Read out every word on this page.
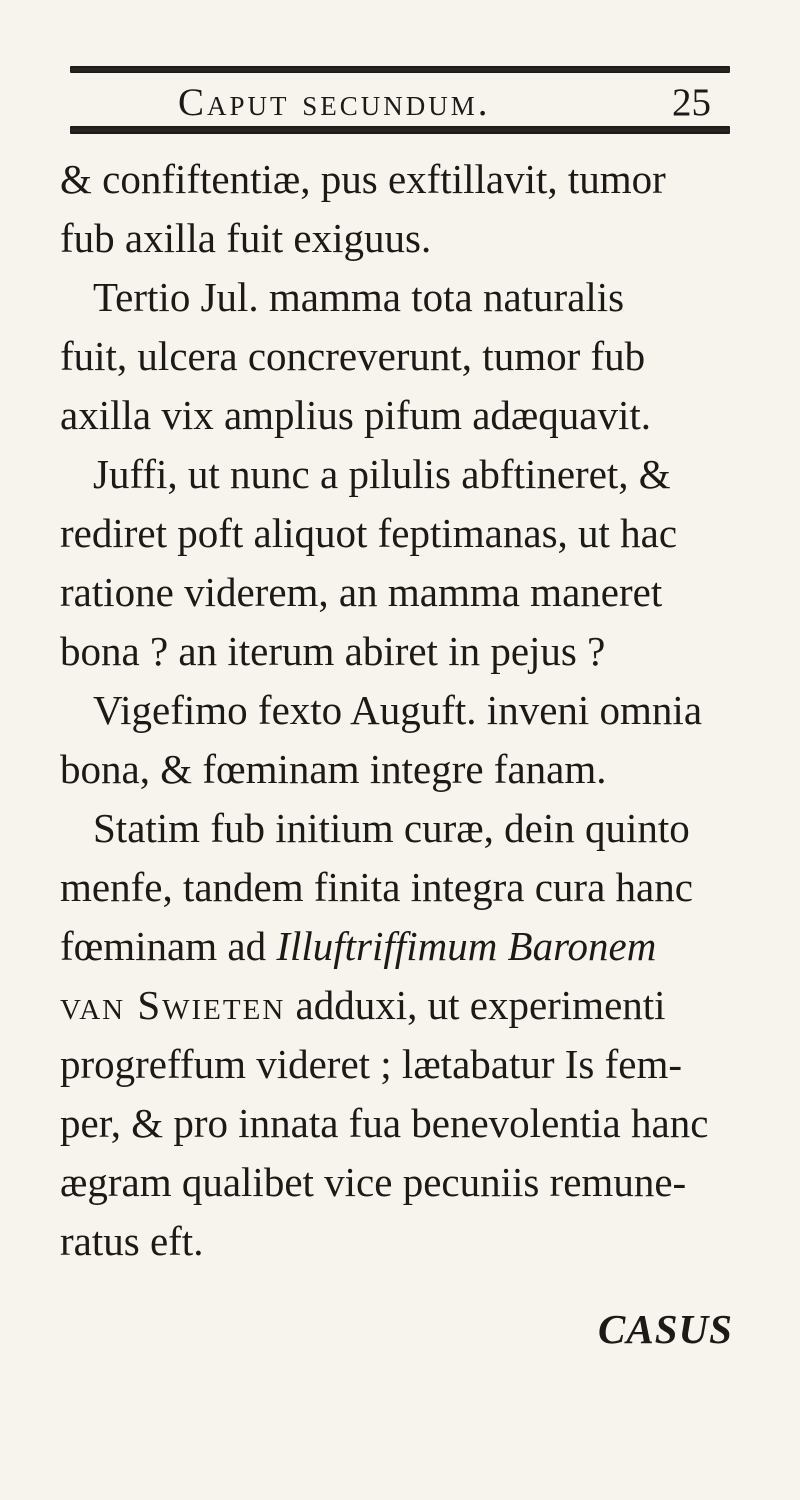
Caput secundum.	25
& confiftentiæ, pus exftillavit, tumor
fub axilla fuit exiguus.
Tertio Jul. mamma tota naturalis
fuit, ulcera concreverunt, tumor fub
axilla vix amplius pifum adæquavit.
Juffi, ut nunc a pilulis abftineret, &
rediret poft aliquot feptimanas, ut hac
ratione viderem, an mamma maneret
bona ? an iterum abiret in pejus ?
Vigefimo fexto Auguft. inveni omnia
bona, & fœminam integre fanam.
Statim fub initium curæ, dein quinto
menfe, tandem finita integra cura hanc
fœminam ad Illuftriffimum Baronem
van Swieten adduxi, ut experimenti
progreffum videret ; lætabatur Is fem-
per, & pro innata fua benevolentia hanc
ægram qualibet vice pecuniis remune-
ratus eft.
CASUS
